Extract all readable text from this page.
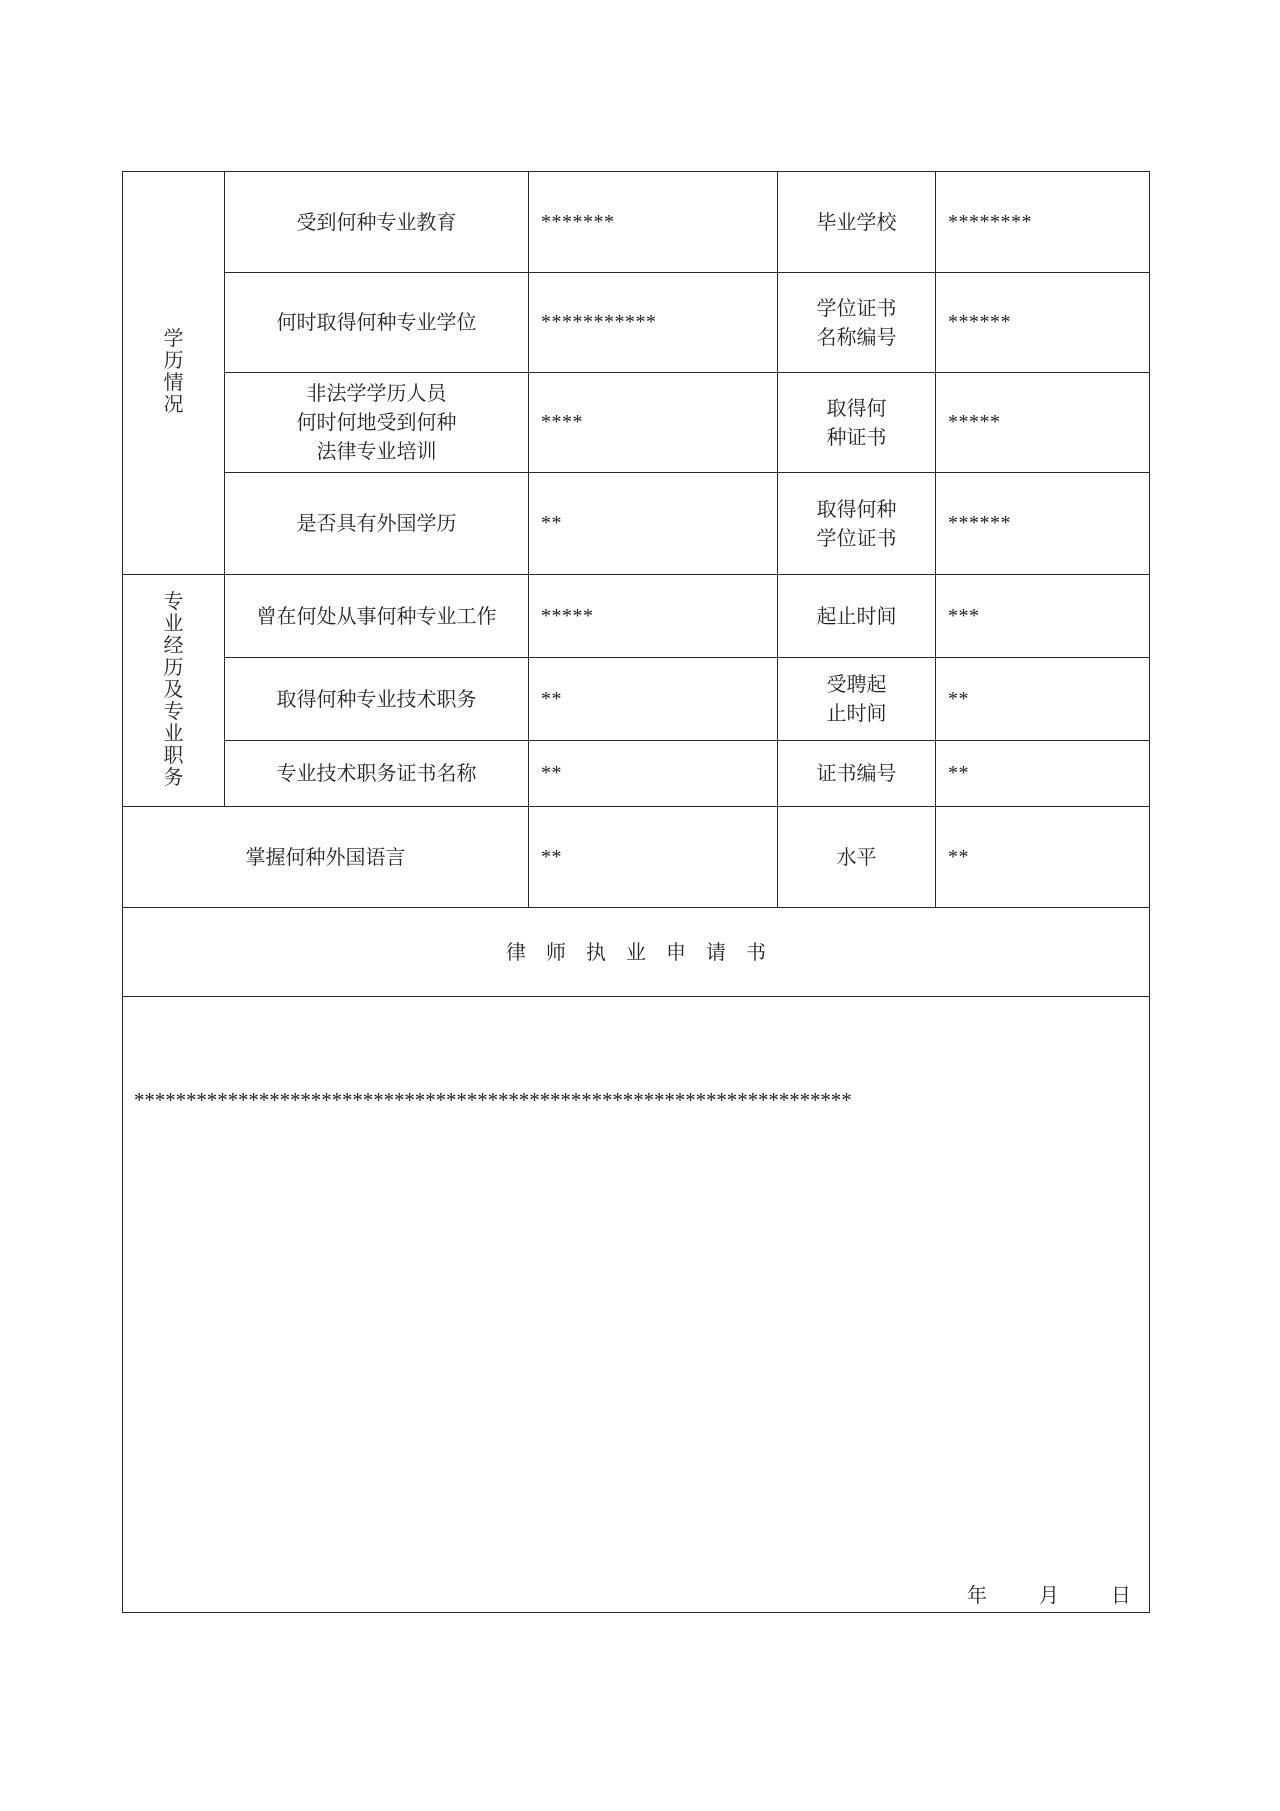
学历情况	受到何种专业教育	*******	毕业学校	********

	何时取得何种专业学位	***********	学位证书
名称编号	******

	非法学学历人员
何时何地受到何种
法律专业培训	****	取得何
种证书	*****

	是否具有外国学历	**	取得何种
学位证书	******
专业经历及专业职务	曾在何处从事何种专业工作	*****	起止时间	***

	取得何种专业技术职务	**	受聘起
止时间	**

	专业技术职务证书名称	**	证书编号	**
掌握何种外国语言		**	水平	**
律　师　执　业　申　请　书				

*********************************************************************
年 月 日				
